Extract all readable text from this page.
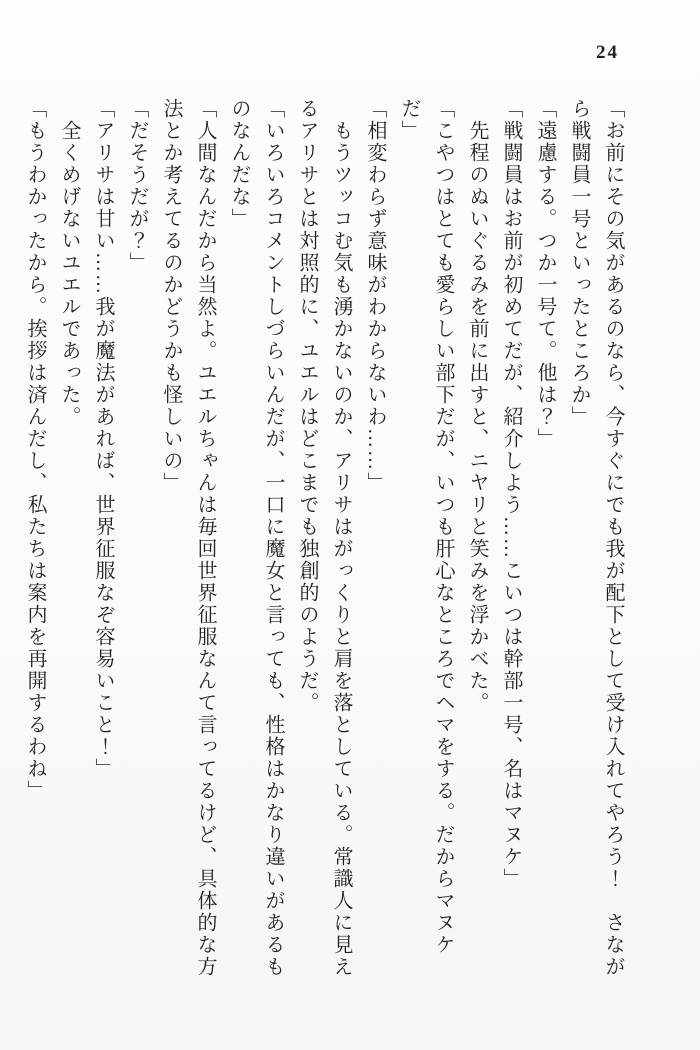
24

「お前にその気があるのなら、今すぐにでも我が配下として受け入れてやろう！　さながら戦闘員一号といったところか」

「遠慮する。つか一号て。他は？」

「戦闘員はお前が初めてだが、紹介しよう……こいつは幹部一号、名はマヌケ」

先程のぬいぐるみを前に出すと、ニヤリと笑みを浮かべた。

「こやつはとても愛らしい部下だが、いつも肝心なところでヘマをする。だからマヌケだ」

「相変わらず意味がわからないわ……」

もうツッコむ気も湧かないのか、アリサはがっくりと肩を落としている。常識人に見えるアリサとは対照的に、ユエルはどこまでも独創的のようだ。

「いろいろコメントしづらいんだが、一口に魔女と言っても、性格はかなり違いがあるものなんだな」

「人間なんだから当然よ。ユエルちゃんは毎回世界征服なんて言ってるけど、具体的な方法とか考えてるのかどうかも怪しいの」

「だそうだが？」

「アリサは甘い……我が魔法があれば、世界征服なぞ容易いこと！」

全くめげないユエルであった。

「もうわかったから。挨拶は済んだし、私たちは案内を再開するわね」
